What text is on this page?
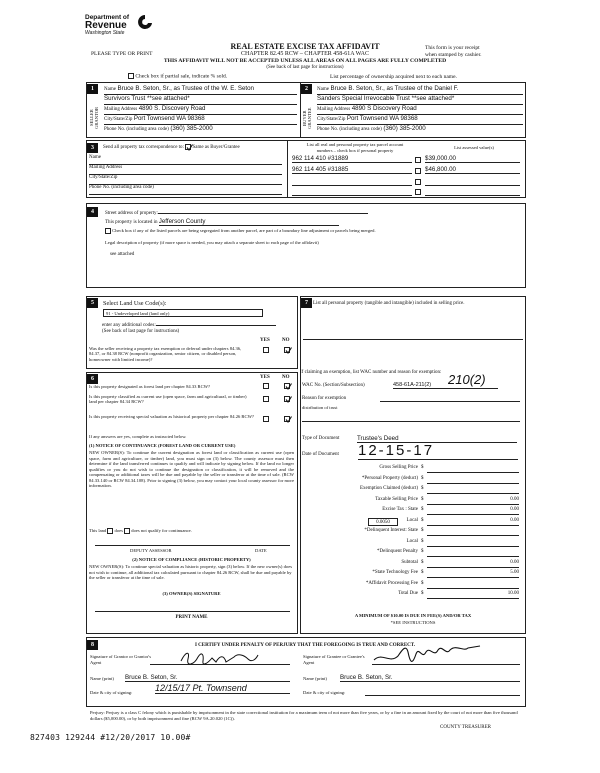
Department of
Revenue
Washington State
PLEASE TYPE OR PRINT
REAL ESTATE EXCISE TAX AFFIDAVIT
CHAPTER 82.45 RCW – CHAPTER 458-61A WAC
THIS AFFIDAVIT WILL NOT BE ACCEPTED UNLESS ALL AREAS ON ALL PAGES ARE FULLY COMPLETED
(See back of last page for instructions)
This form is your receipt
when stamped by cashier.
Check box if partial sale, indicate % sold.	List percentage of ownership acquired next to each name.
1	2
SELLER GRANTOR	BUYER GRANTEE
Name Bruce B. Seton, Sr., as Trustee of the W. E. Seton
Survivors Trust **see attached*
Mailing Address 4890 S. Discovery Road
City/State/Zip Port Townsend WA 98368
Phone No. (including area code) (360) 385-2000
Name Bruce B. Seton, Sr., as Trustee of the Daniel F.
Sanders Special Irrevocable Trust **see attached*
Mailing Address 4890 S Discovery Road
City/State/Zip Port Townsend WA 98368
Phone No. (including area code) (360) 385-2000
3	Send all property tax correspondence to: Same as Buyer/Grantee
Name
Mailing Address
City/State/Zip
Phone No. (including area code)
List all real and personal property tax parcel account
numbers – check box if personal property
List assessed value(s)
962 114 410 #31889	$39,000.00
962 114 405 #31885	$46,800.00
4	Street address of property:
This property is located in Jefferson County
Check box if any of the listed parcels are being segregated from another parcel, are part of a boundary line adjustment or parcels being merged.
Legal description of property (if more space is needed, you may attach a separate sheet to each page of the affidavit)
see attached
5	Select Land Use Code(s):
91 - Undeveloped land (land only)
enter any additional codes:
(See back of last page for instructions)
YES NO
Was the seller receiving a property tax exemption or deferral under chapters 84.36, 84.37, or 84.38 RCW (nonprofit organization, senior citizen, or disabled person, homeowner with limited income)?
6	YES NO
Is this property designated as forest land per chapter 84.33 RCW?
Is this property classified as current use (open space, farm and agricultural, or timber) land per chapter 84.34 RCW?
Is this property receiving special valuation as historical property per chapter 84.26 RCW?
If any answers are yes, complete as instructed below.
(1) NOTICE OF CONTINUANCE (FOREST LAND OR CURRENT USE)
NEW OWNER(S): To continue the current designation as forest land or classification as current use (open space, farm and agriculture, or timber) land, you must sign on (3) below. The county assessor must then determine if the land transferred continues to qualify and will indicate by signing below. If the land no longer qualifies or you do not wish to continue the designation or classification, it will be removed and the compensating or additional taxes will be due and payable by the seller or transferor at the time of sale. (RCW 84.33.140 or RCW 84.34.108). Prior to signing (3) below, you may contact your local county assessor for more information.
This land does does not qualify for continuance.
DEPUTY ASSESSOR	DATE
(2) NOTICE OF COMPLIANCE (HISTORIC PROPERTY)
NEW OWNER(S): To continue special valuation as historic property, sign (3) below. If the new owner(s) does not wish to continue, all additional tax calculated pursuant to chapter 84.26 RCW, shall be due and payable by the seller or transferor at the time of sale.
(3) OWNER(S) SIGNATURE
PRINT NAME
7	List all personal property (tangible and intangible) included in selling price.
If claiming an exemption, list WAC number and reason for exemption:
WAC No. (Section/Subsection)	458-61A-211(2)	210(2)
Reason for exemption
distribution of trust
Type of Document	Trustee's Deed
Date of Document 12-15-17
Gross Selling Price $
*Personal Property (deduct) $
Exemption Claimed (deduct) $
Taxable Selling Price $	0.00
Excise Tax : State $	0.00
0.0050	Local $	0.00
*Delinquent Interest: State $
Local $
*Delinquent Penalty $
Subtotal $	0.00
*State Technology Fee $	5.00
*Affidavit Processing Fee $
Total Due $	10.00
A MINIMUM OF $10.00 IS DUE IN FEE(S) AND/OR TAX
*SEE INSTRUCTIONS
8	I CERTIFY UNDER PENALTY OF PERJURY THAT THE FOREGOING IS TRUE AND CORRECT.
Signature of Grantor or Grantor's Agent
Signature of Grantee or Grantee's Agent
Name (print) Bruce B. Seton, Sr.	Name (print) Bruce B. Seton, Sr.
Date & city of signing:	12/15/17 Pt. Townsend	Date & city of signing:
Perjury: Perjury is a class C felony which is punishable by imprisonment in the state correctional institution for a maximum term of not more than five years, or by a fine in an amount fixed by the court of not more than five thousand dollars ($5,000.00), or by both imprisonment and fine (RCW 9A.20.020 (1C)).
COUNTY TREASURER
827403 129244 #12/20/2017 10.00#
